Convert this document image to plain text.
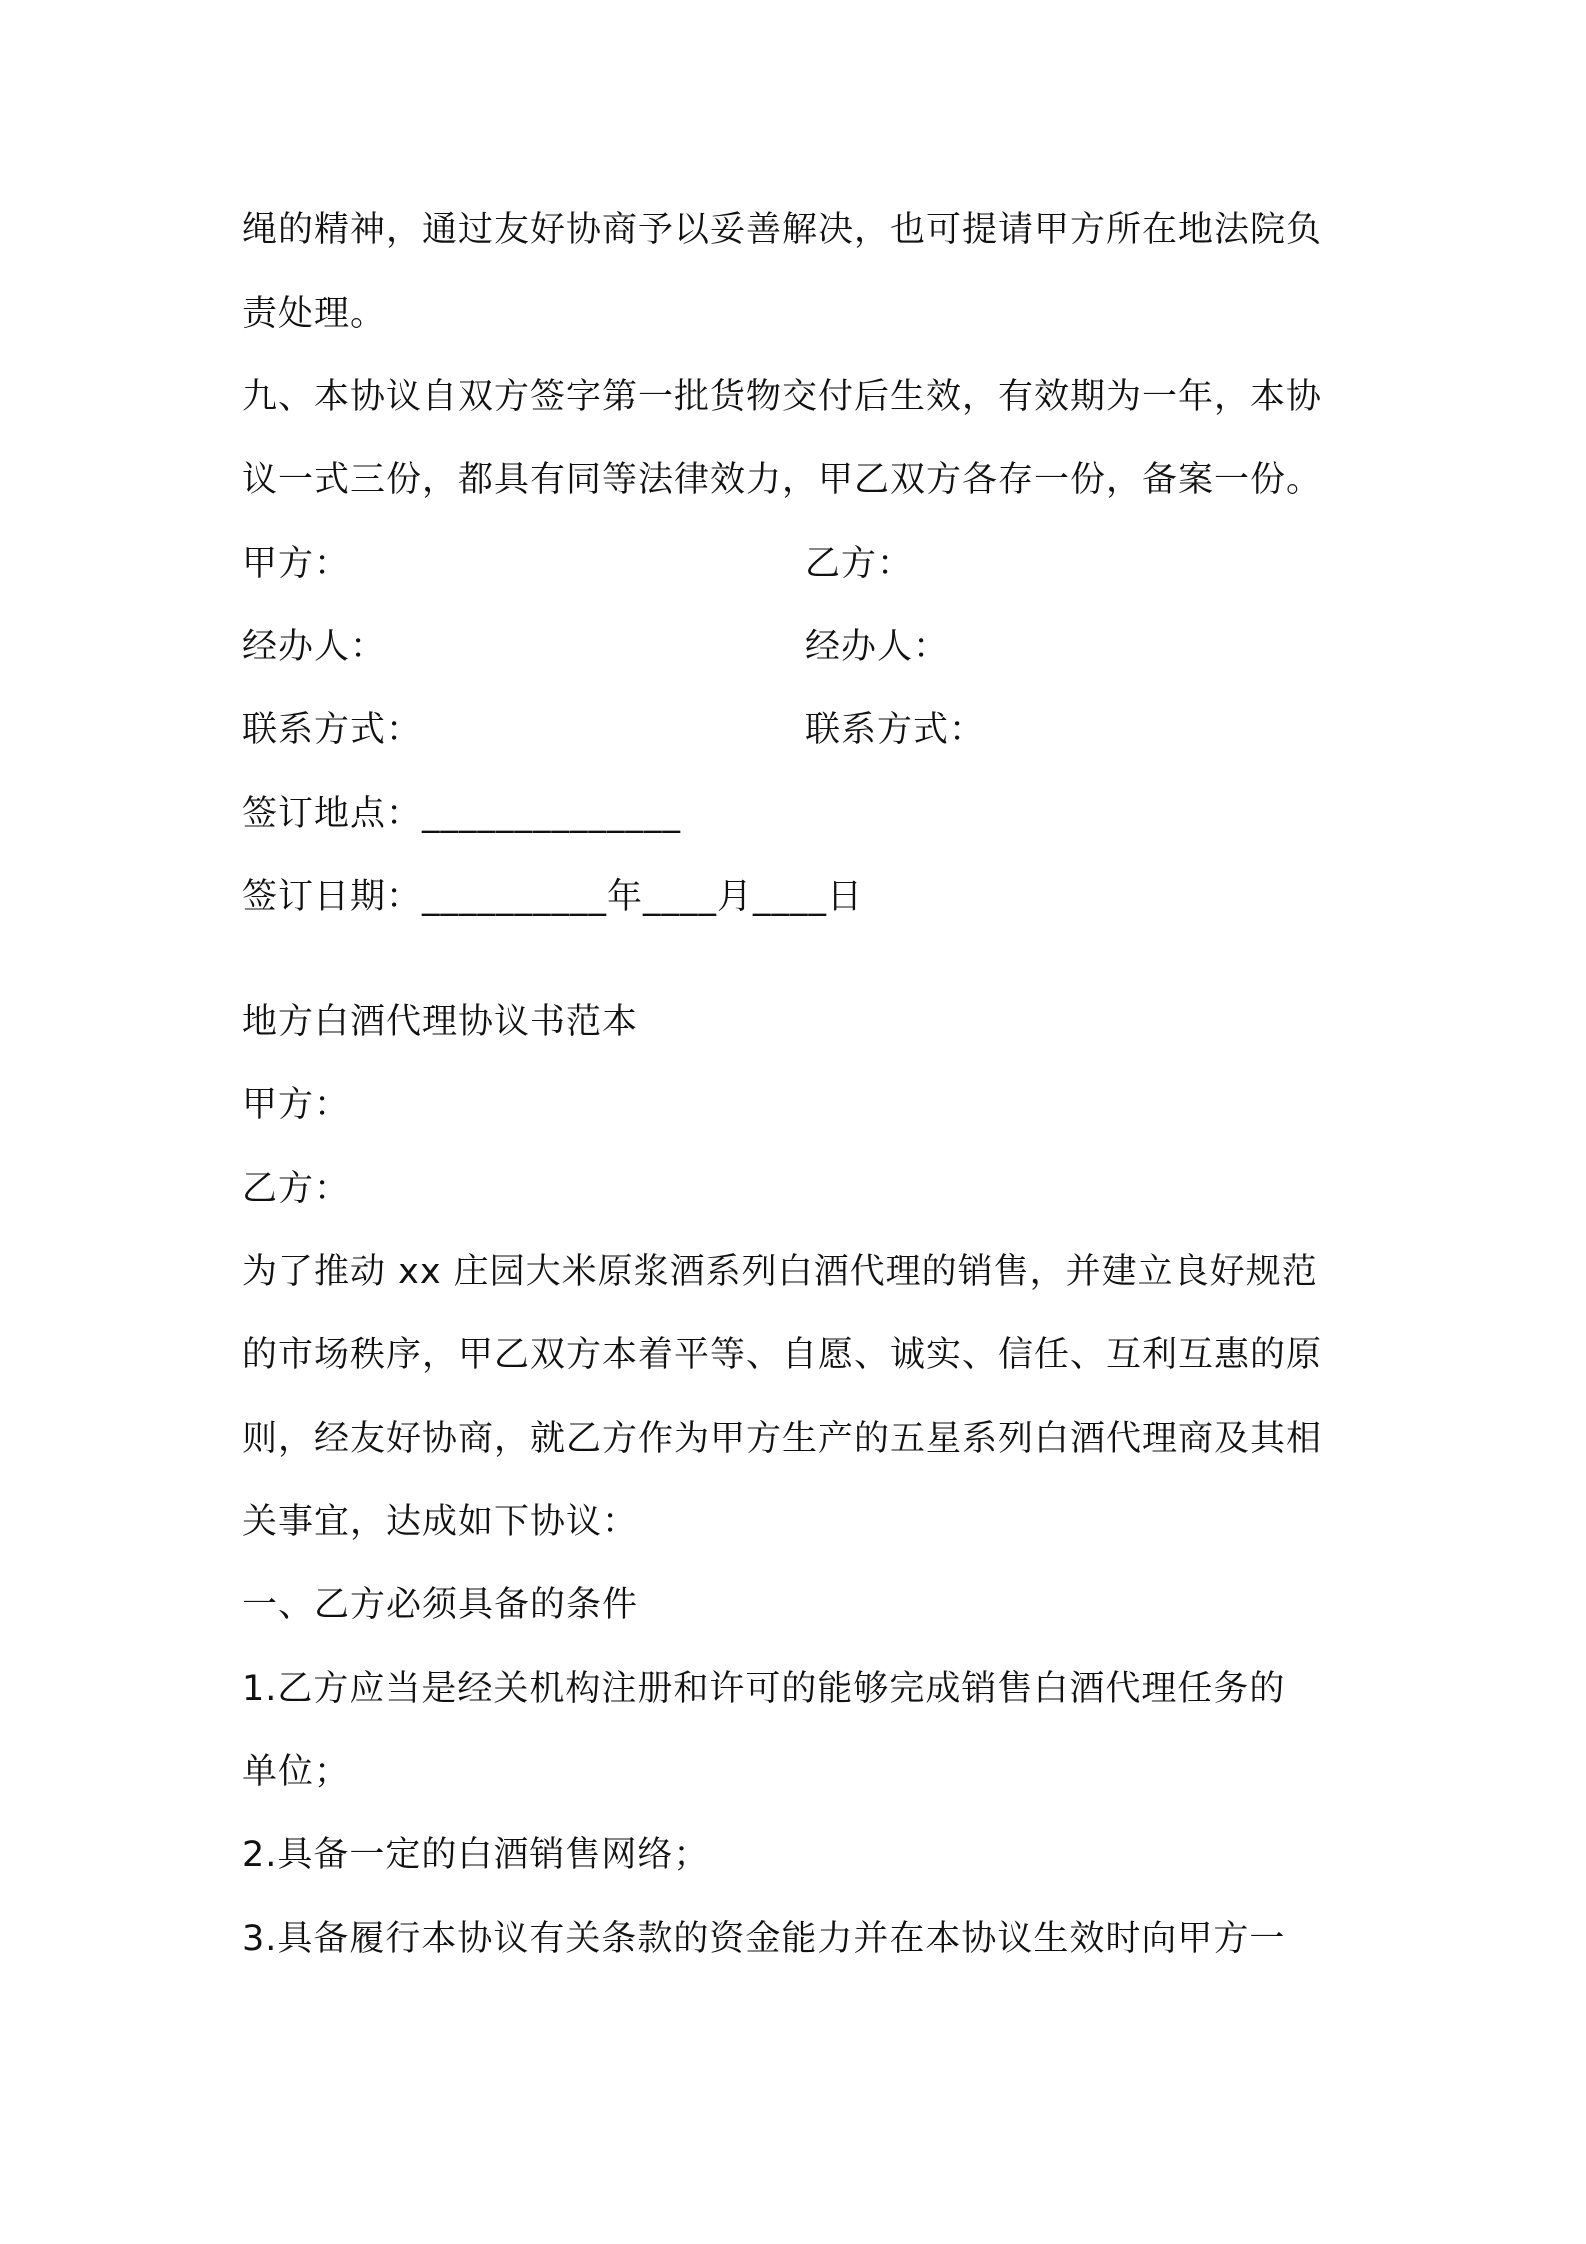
绳的精神，通过友好协商予以妥善解决，也可提请甲方所在地法院负
责处理。
九、本协议自双方签字第一批货物交付后生效，有效期为一年，本协
议一式三份，都具有同等法律效力，甲乙双方各存一份，备案一份。
甲方：	乙方：
经办人：	经办人：
联系方式：	联系方式：
签订地点：______________
签订日期：__________年____月____日
地方白酒代理协议书范本
甲方：
乙方：
为了推动 xx 庄园大米原浆酒系列白酒代理的销售，并建立良好规范
的市场秩序，甲乙双方本着平等、自愿、诚实、信任、互利互惠的原
则，经友好协商，就乙方作为甲方生产的五星系列白酒代理商及其相
关事宜，达成如下协议：
一、乙方必须具备的条件
1.乙方应当是经关机构注册和许可的能够完成销售白酒代理任务的
单位；
2.具备一定的白酒销售网络；
3.具备履行本协议有关条款的资金能力并在本协议生效时向甲方一
